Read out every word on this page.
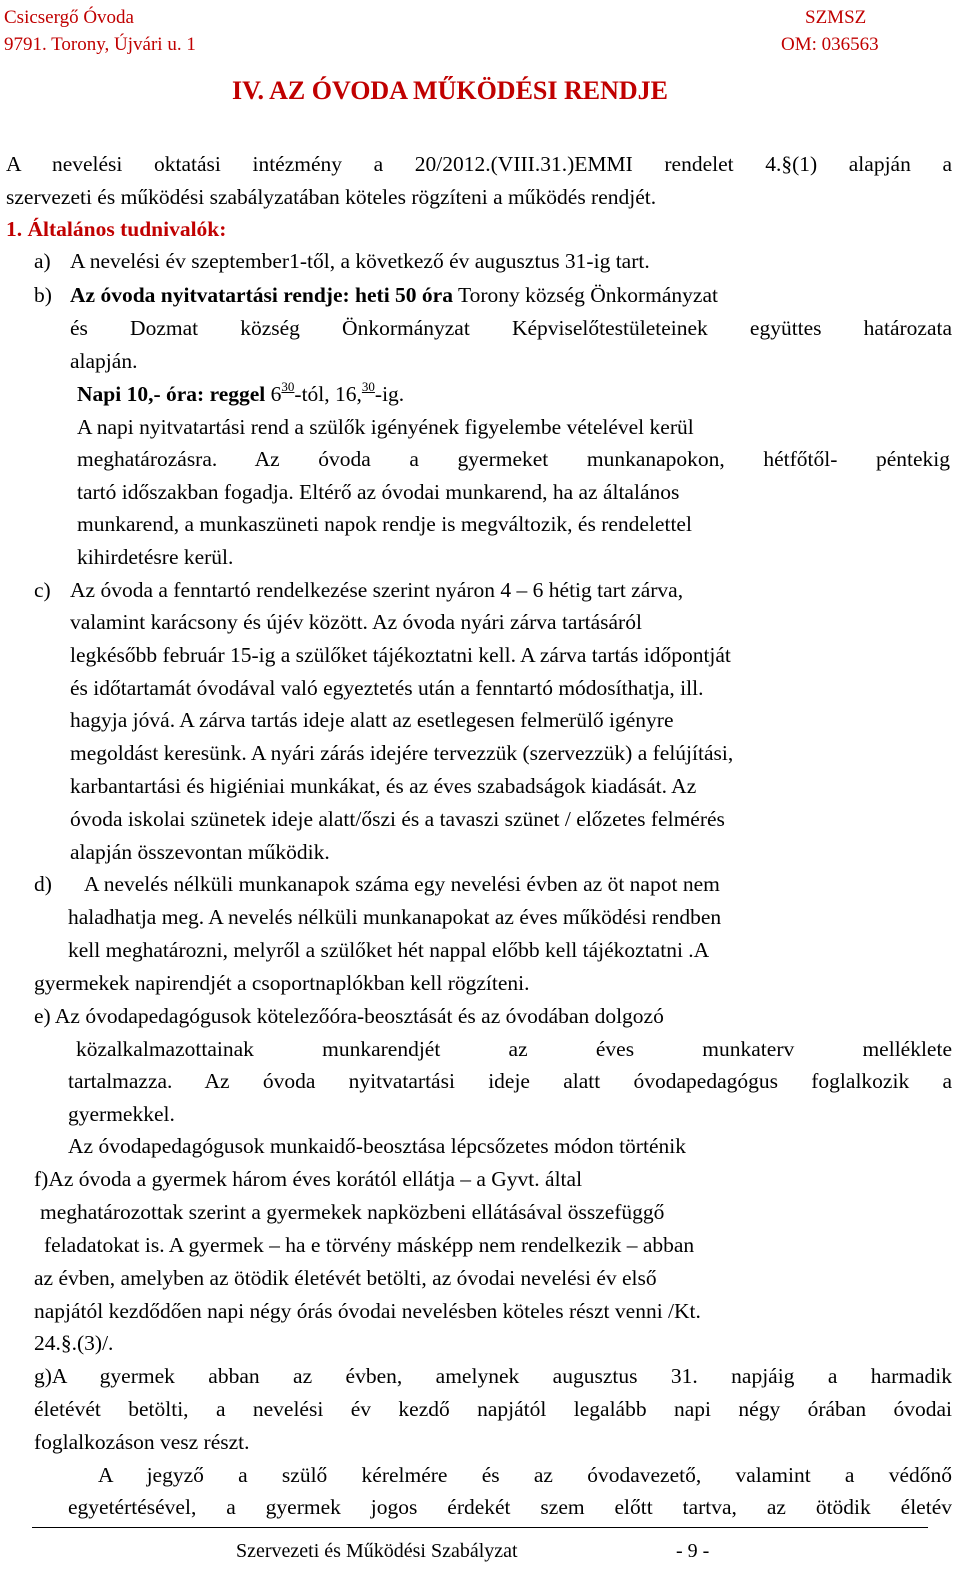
Csicsergő Óvoda
9791. Torony, Újvári u. 1
SZMSZ
OM: 036563
IV. AZ ÓVODA MŰKÖDÉSI RENDJE
A nevelési oktatási intézmény a 20/2012.(VIII.31.)EMMI rendelet 4.§(1) alapján a
szervezeti és működési szabályzatában köteles rögzíteni a működés rendjét.
1. Általános tudnivalók:
a) A nevelési év szeptember1-től, a következő év augusztus 31-ig tart.
b) Az óvoda nyitvatartási rendje: heti 50 óra Torony község Önkormányzat
és Dozmat község Önkormányzat Képviselőtestületeinek együttes határozata
alapján.
Napi 10,- óra: reggel $6^{30}$-tól, 16,30-ig.
A napi nyitvatartási rend a szülők igényének figyelembe vételével kerül
meghatározásra. Az óvoda a gyermeket munkanapokon, hétfőtől- péntekig
tartó időszakban fogadja. Eltérő az óvodai munkarend, ha az általános
munkarend, a munkaszüneti napok rendje is megváltozik, és rendelettel
kihirdetésre kerül.
c) Az óvoda a fenntartó rendelkezése szerint nyáron 4 – 6 hétig tart zárva,
valamint karácsony és újév között. Az óvoda nyári zárva tartásáról
legkésőbb február 15-ig a szülőket tájékoztatni kell. A zárva tartás időpontját
és időtartamát óvodával való egyeztetés után a fenntartó módosíthatja, ill.
hagyja jóvá. A zárva tartás ideje alatt az esetlegesen felmerülő igényre
megoldást keresünk. A nyári zárás idejére tervezzük (szervezzük) a felújítási,
karbantartási és higiéniai munkákat, és az éves szabadságok kiadását. Az
óvoda iskolai szünetek ideje alatt/őszi és a tavaszi szünet / előzetes felmérés
alapján összevontan működik.
d) A nevelés nélküli munkanapok száma egy nevelési évben az öt napot nem
haladhatja meg. A nevelés nélküli munkanapokat az éves működési rendben
kell meghatározni, melyről a szülőket hét nappal előbb kell tájékoztatni .A
gyermekek napirendjét a csoportnaplókban kell rögzíteni.
e) Az óvodapedagógusok kötelezőóra-beosztását és az óvodában dolgozó
közalkalmazottainak munkarendjét az éves munkaterv melléklete
tartalmazza. Az óvoda nyitvatartási ideje alatt óvodapedagógus foglalkozik a
gyermekkel.
Az óvodapedagógusok munkaidő-beosztása lépcsőzetes módon történik
f)Az óvoda a gyermek három éves korától ellátja – a Gyvt. által
meghatározottak szerint a gyermekek napközbeni ellátásával összefüggő
feladatokat is. A gyermek – ha e törvény másképp nem rendelkezik – abban
az évben, amelyben az ötödik életévét betölti, az óvodai nevelési év első
napjától kezdődően napi négy órás óvodai nevelésben köteles részt venni /Kt.
24.§.(3)/.
g)A gyermek abban az évben, amelynek augusztus 31. napjáig a harmadik
életévét betölti, a nevelési év kezdő napjától legalább napi négy órában óvodai
foglalkozáson vesz részt.
A jegyző a szülő kérelmére és az óvodavezető, valamint a védőnő
egyetértésével, a gyermek jogos érdekét szem előtt tartva, az ötödik életév
Szervezeti és Működési Szabályzat	- 9 -
